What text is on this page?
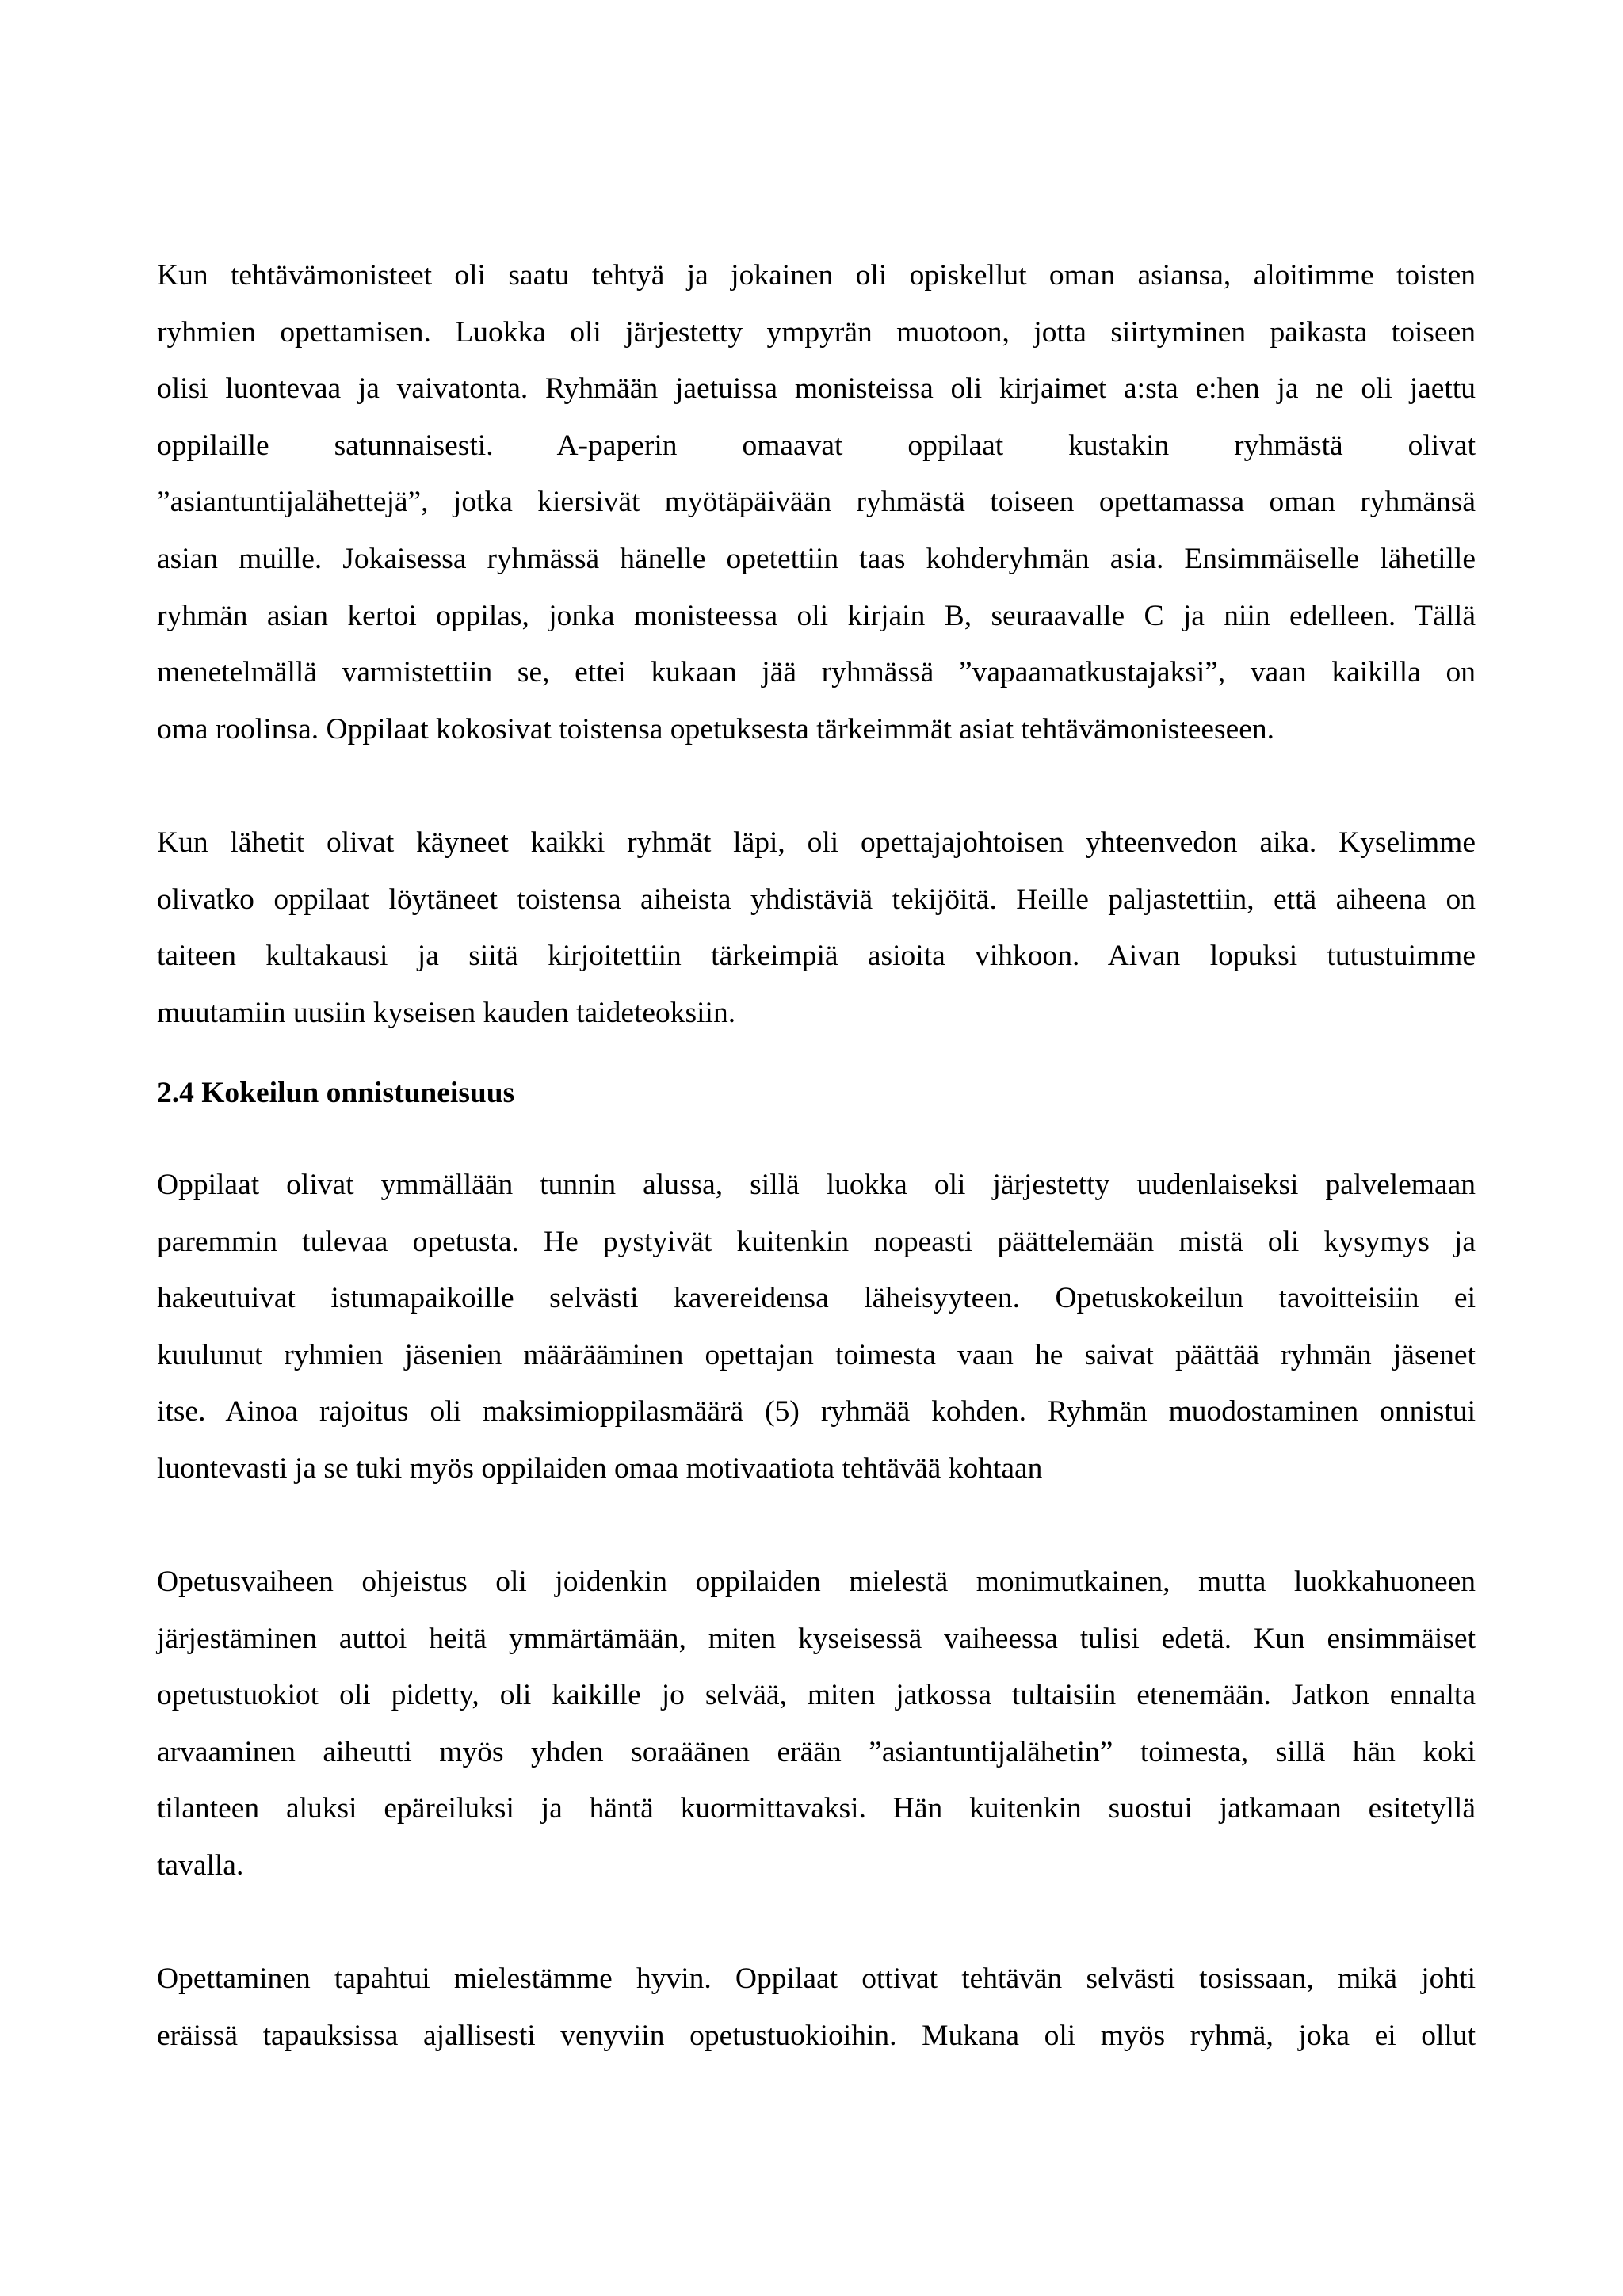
Kun tehtävämonisteet oli saatu tehtyä ja jokainen oli opiskellut oman asiansa, aloitimme toisten
ryhmien opettamisen. Luokka oli järjestetty ympyrän muotoon, jotta siirtyminen paikasta toiseen
olisi luontevaa ja vaivatonta. Ryhmään jaetuissa monisteissa oli kirjaimet a:sta e:hen ja ne oli jaettu
oppilaille satunnaisesti. A-paperin omaavat oppilaat kustakin ryhmästä olivat
”asiantuntijalähettejä”, jotka kiersivät myötäpäivään ryhmästä toiseen opettamassa oman ryhmänsä
asian muille. Jokaisessa ryhmässä hänelle opetettiin taas kohderyhmän asia. Ensimmäiselle lähetille
ryhmän asian kertoi oppilas, jonka monisteessa oli kirjain B, seuraavalle C ja niin edelleen. Tällä
menetelmällä varmistettiin se, ettei kukaan jää ryhmässä ”vapaamatkustajaksi”, vaan kaikilla on
oma roolinsa. Oppilaat kokosivat toistensa opetuksesta tärkeimmät asiat tehtävämonisteeseen.

Kun lähetit olivat käyneet kaikki ryhmät läpi, oli opettajajohtoisen yhteenvedon aika. Kyselimme
olivatko oppilaat löytäneet toistensa aiheista yhdistäviä tekijöitä. Heille paljastettiin, että aiheena on
taiteen kultakausi ja siitä kirjoitettiin tärkeimpiä asioita vihkoon. Aivan lopuksi tutustuimme
muutamiin uusiin kyseisen kauden taideteoksiin.

2.4 Kokeilun onnistuneisuus

Oppilaat olivat ymmällään tunnin alussa, sillä luokka oli järjestetty uudenlaiseksi palvelemaan
paremmin tulevaa opetusta. He pystyivät kuitenkin nopeasti päättelemään mistä oli kysymys ja
hakeutuivat istumapaikoille selvästi kavereidensa läheisyyteen. Opetuskokeilun tavoitteisiin ei
kuulunut ryhmien jäsenien määrääminen opettajan toimesta vaan he saivat päättää ryhmän jäsenet
itse. Ainoa rajoitus oli maksimioppilasmäärä (5) ryhmää kohden. Ryhmän muodostaminen onnistui
luontevasti ja se tuki myös oppilaiden omaa motivaatiota tehtävää kohtaan

Opetusvaiheen ohjeistus oli joidenkin oppilaiden mielestä monimutkainen, mutta luokkahuoneen
järjestäminen auttoi heitä ymmärtämään, miten kyseisessä vaiheessa tulisi edetä. Kun ensimmäiset
opetustuokiot oli pidetty, oli kaikille jo selvää, miten jatkossa tultaisiin etenemään. Jatkon ennalta
arvaaminen aiheutti myös yhden soraäänen erään ”asiantuntijalähetin” toimesta, sillä hän koki
tilanteen aluksi epäreiluksi ja häntä kuormittavaksi. Hän kuitenkin suostui jatkamaan esitetyllä
tavalla.

Opettaminen tapahtui mielestämme hyvin. Oppilaat ottivat tehtävän selvästi tosissaan, mikä johti
eräissä tapauksissa ajallisesti venyviin opetustuokioihin. Mukana oli myös ryhmä, joka ei ollut
